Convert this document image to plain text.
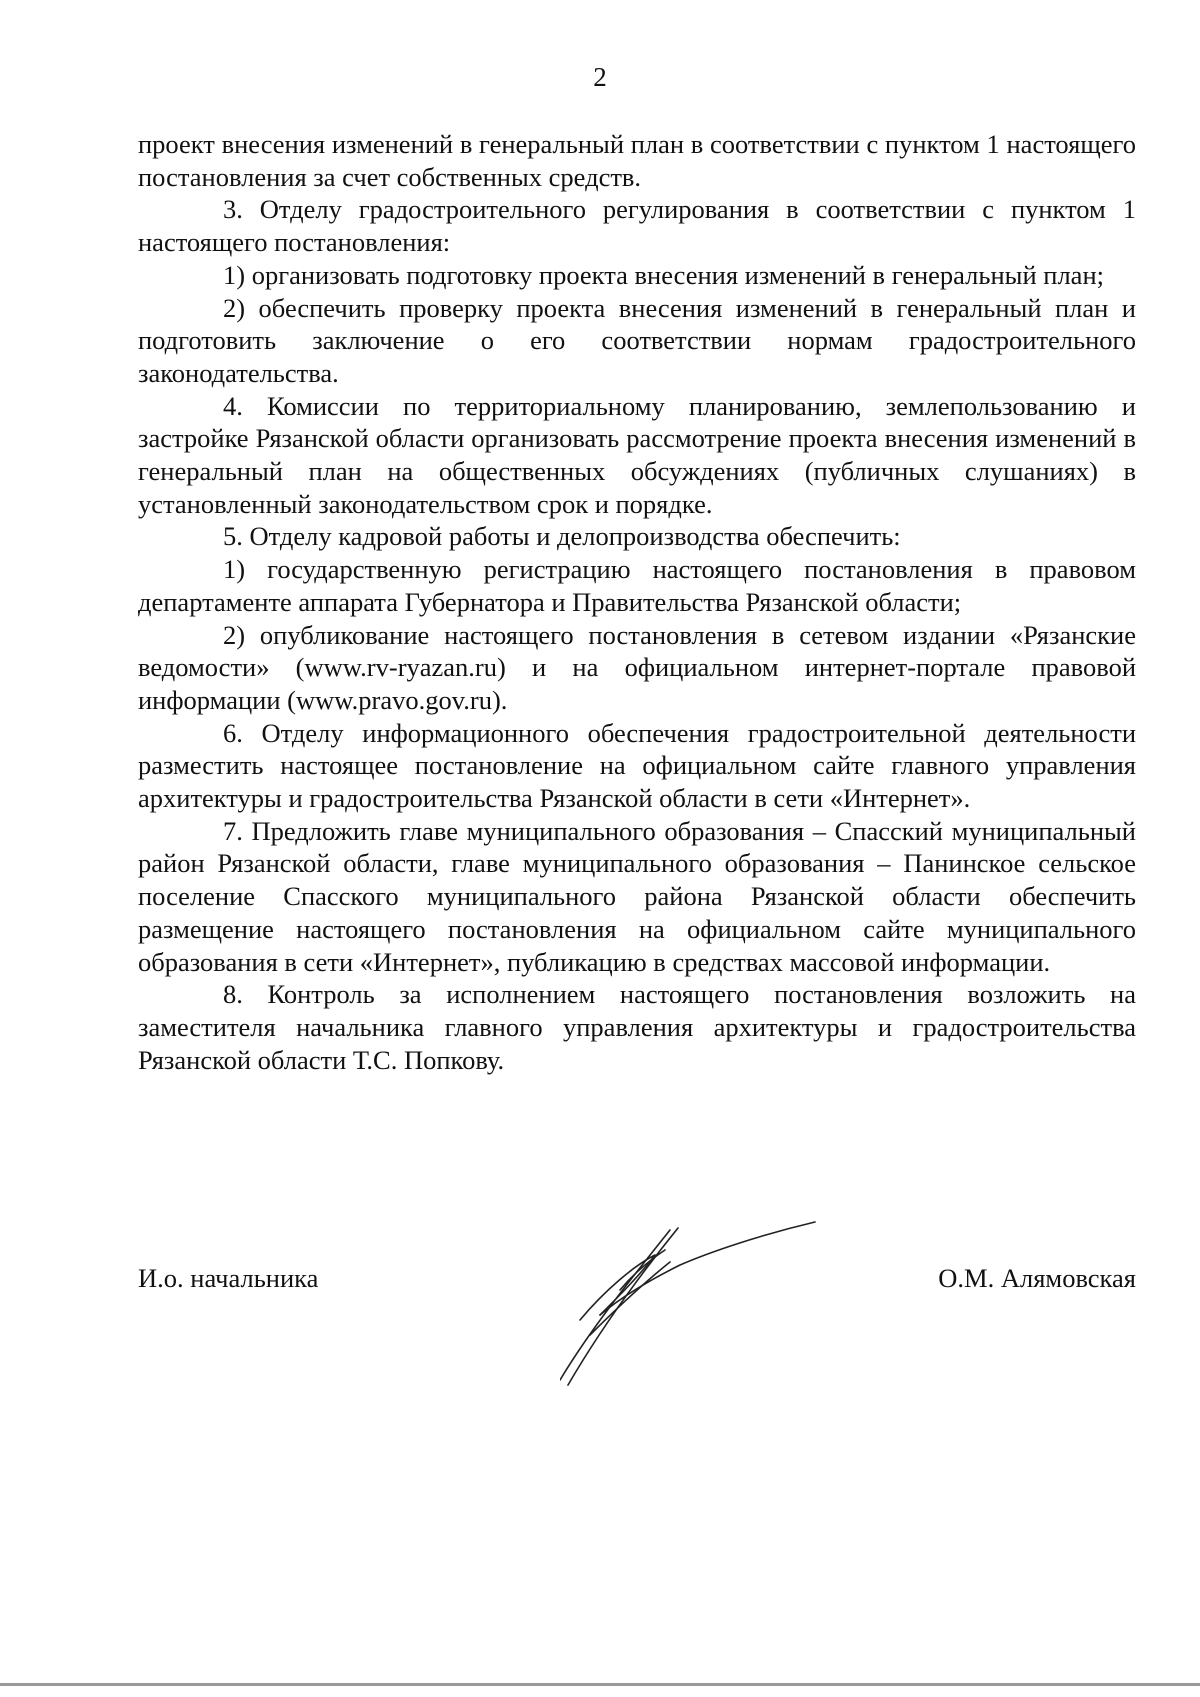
2

проект внесения изменений в генеральный план в соответствии с пунктом 1 настоящего постановления за счет собственных средств.

3. Отделу градостроительного регулирования в соответствии с пунктом 1 настоящего постановления:

1) организовать подготовку проекта внесения изменений в генеральный план;

2) обеспечить проверку проекта внесения изменений в генеральный план и подготовить заключение о его соответствии нормам градостроительного законодательства.

4. Комиссии по территориальному планированию, землепользованию и застройке Рязанской области организовать рассмотрение проекта внесения изменений в генеральный план на общественных обсуждениях (публичных слушаниях) в установленный законодательством срок и порядке.

5. Отделу кадровой работы и делопроизводства обеспечить:

1) государственную регистрацию настоящего постановления в правовом департаменте аппарата Губернатора и Правительства Рязанской области;

2) опубликование настоящего постановления в сетевом издании «Рязанские ведомости» (www.rv-ryazan.ru) и на официальном интернет-портале правовой информации (www.pravo.gov.ru).

6. Отделу информационного обеспечения градостроительной деятельности разместить настоящее постановление на официальном сайте главного управления архитектуры и градостроительства Рязанской области в сети «Интернет».

7. Предложить главе муниципального образования – Спасский муниципальный район Рязанской области, главе муниципального образования – Панинское сельское поселение Спасского муниципального района Рязанской области обеспечить размещение настоящего постановления на официальном сайте муниципального образования в сети «Интернет», публикацию в средствах массовой информации.

8. Контроль за исполнением настоящего постановления возложить на заместителя начальника главного управления архитектуры и градостроительства Рязанской области Т.С. Попкову.

И.о. начальника	О.М. Алямовская
